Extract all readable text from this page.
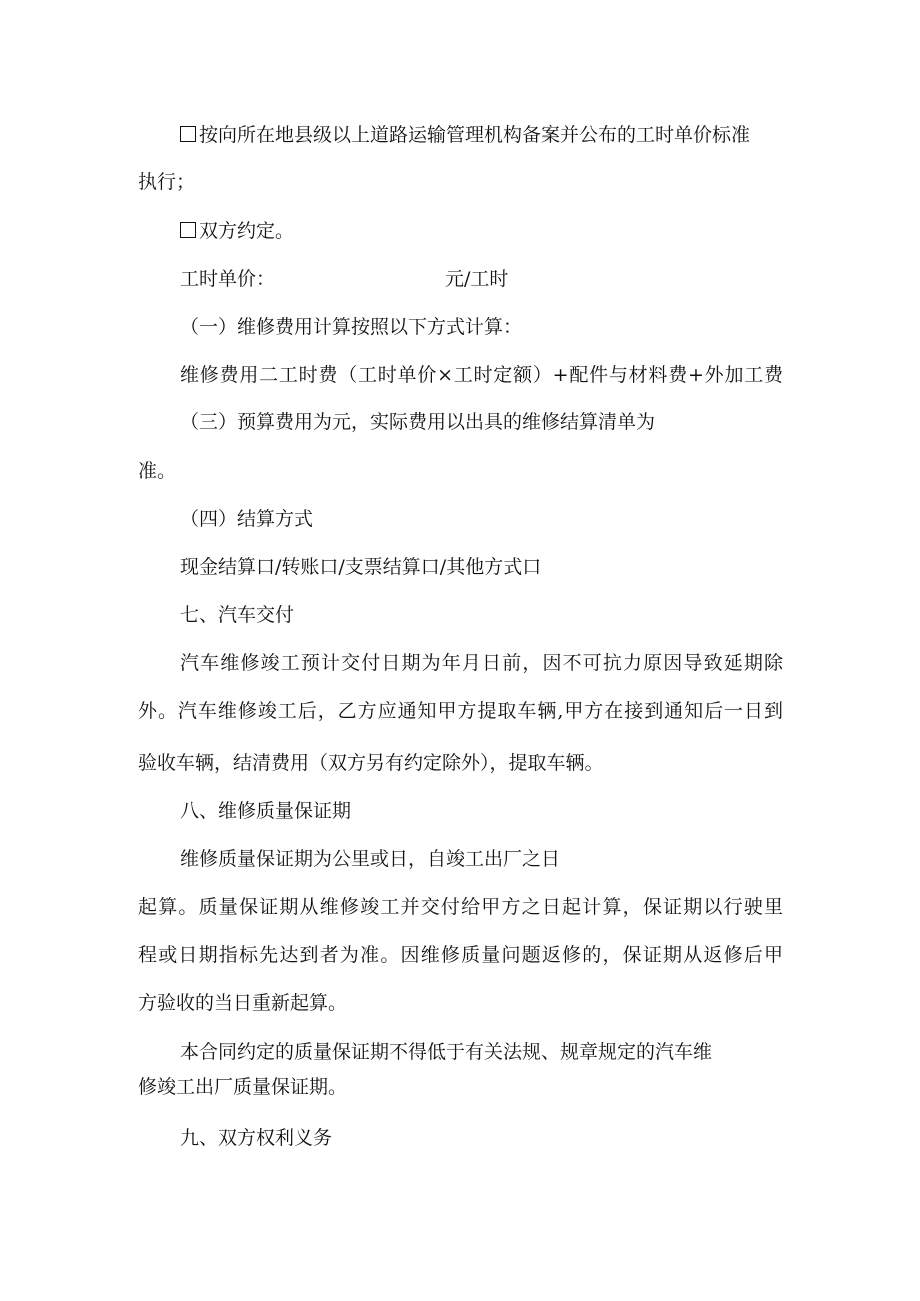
按向所在地县级以上道路运输管理机构备案并公布的工时单价标准

执行；

双方约定。

工时单价：	元/工时

（一）维修费用计算按照以下方式计算：

维修费用二工时费（工时单价×工时定额）+配件与材料费+外加工费

（三）预算费用为元，实际费用以出具的维修结算清单为

准。

（四）结算方式

现金结算口/转账口/支票结算口/其他方式口

七、汽车交付

汽车维修竣工预计交付日期为年月日前，因不可抗力原因导致延期除

外。汽车维修竣工后，乙方应通知甲方提取车辆,甲方在接到通知后一日到

验收车辆，结清费用（双方另有约定除外），提取车辆。

八、维修质量保证期

维修质量保证期为公里或日，自竣工出厂之日

起算。质量保证期从维修竣工并交付给甲方之日起计算，保证期以行驶里

程或日期指标先达到者为准。因维修质量问题返修的，保证期从返修后甲

方验收的当日重新起算。

本合同约定的质量保证期不得低于有关法规、规章规定的汽车维

修竣工出厂质量保证期。

九、双方权利义务
